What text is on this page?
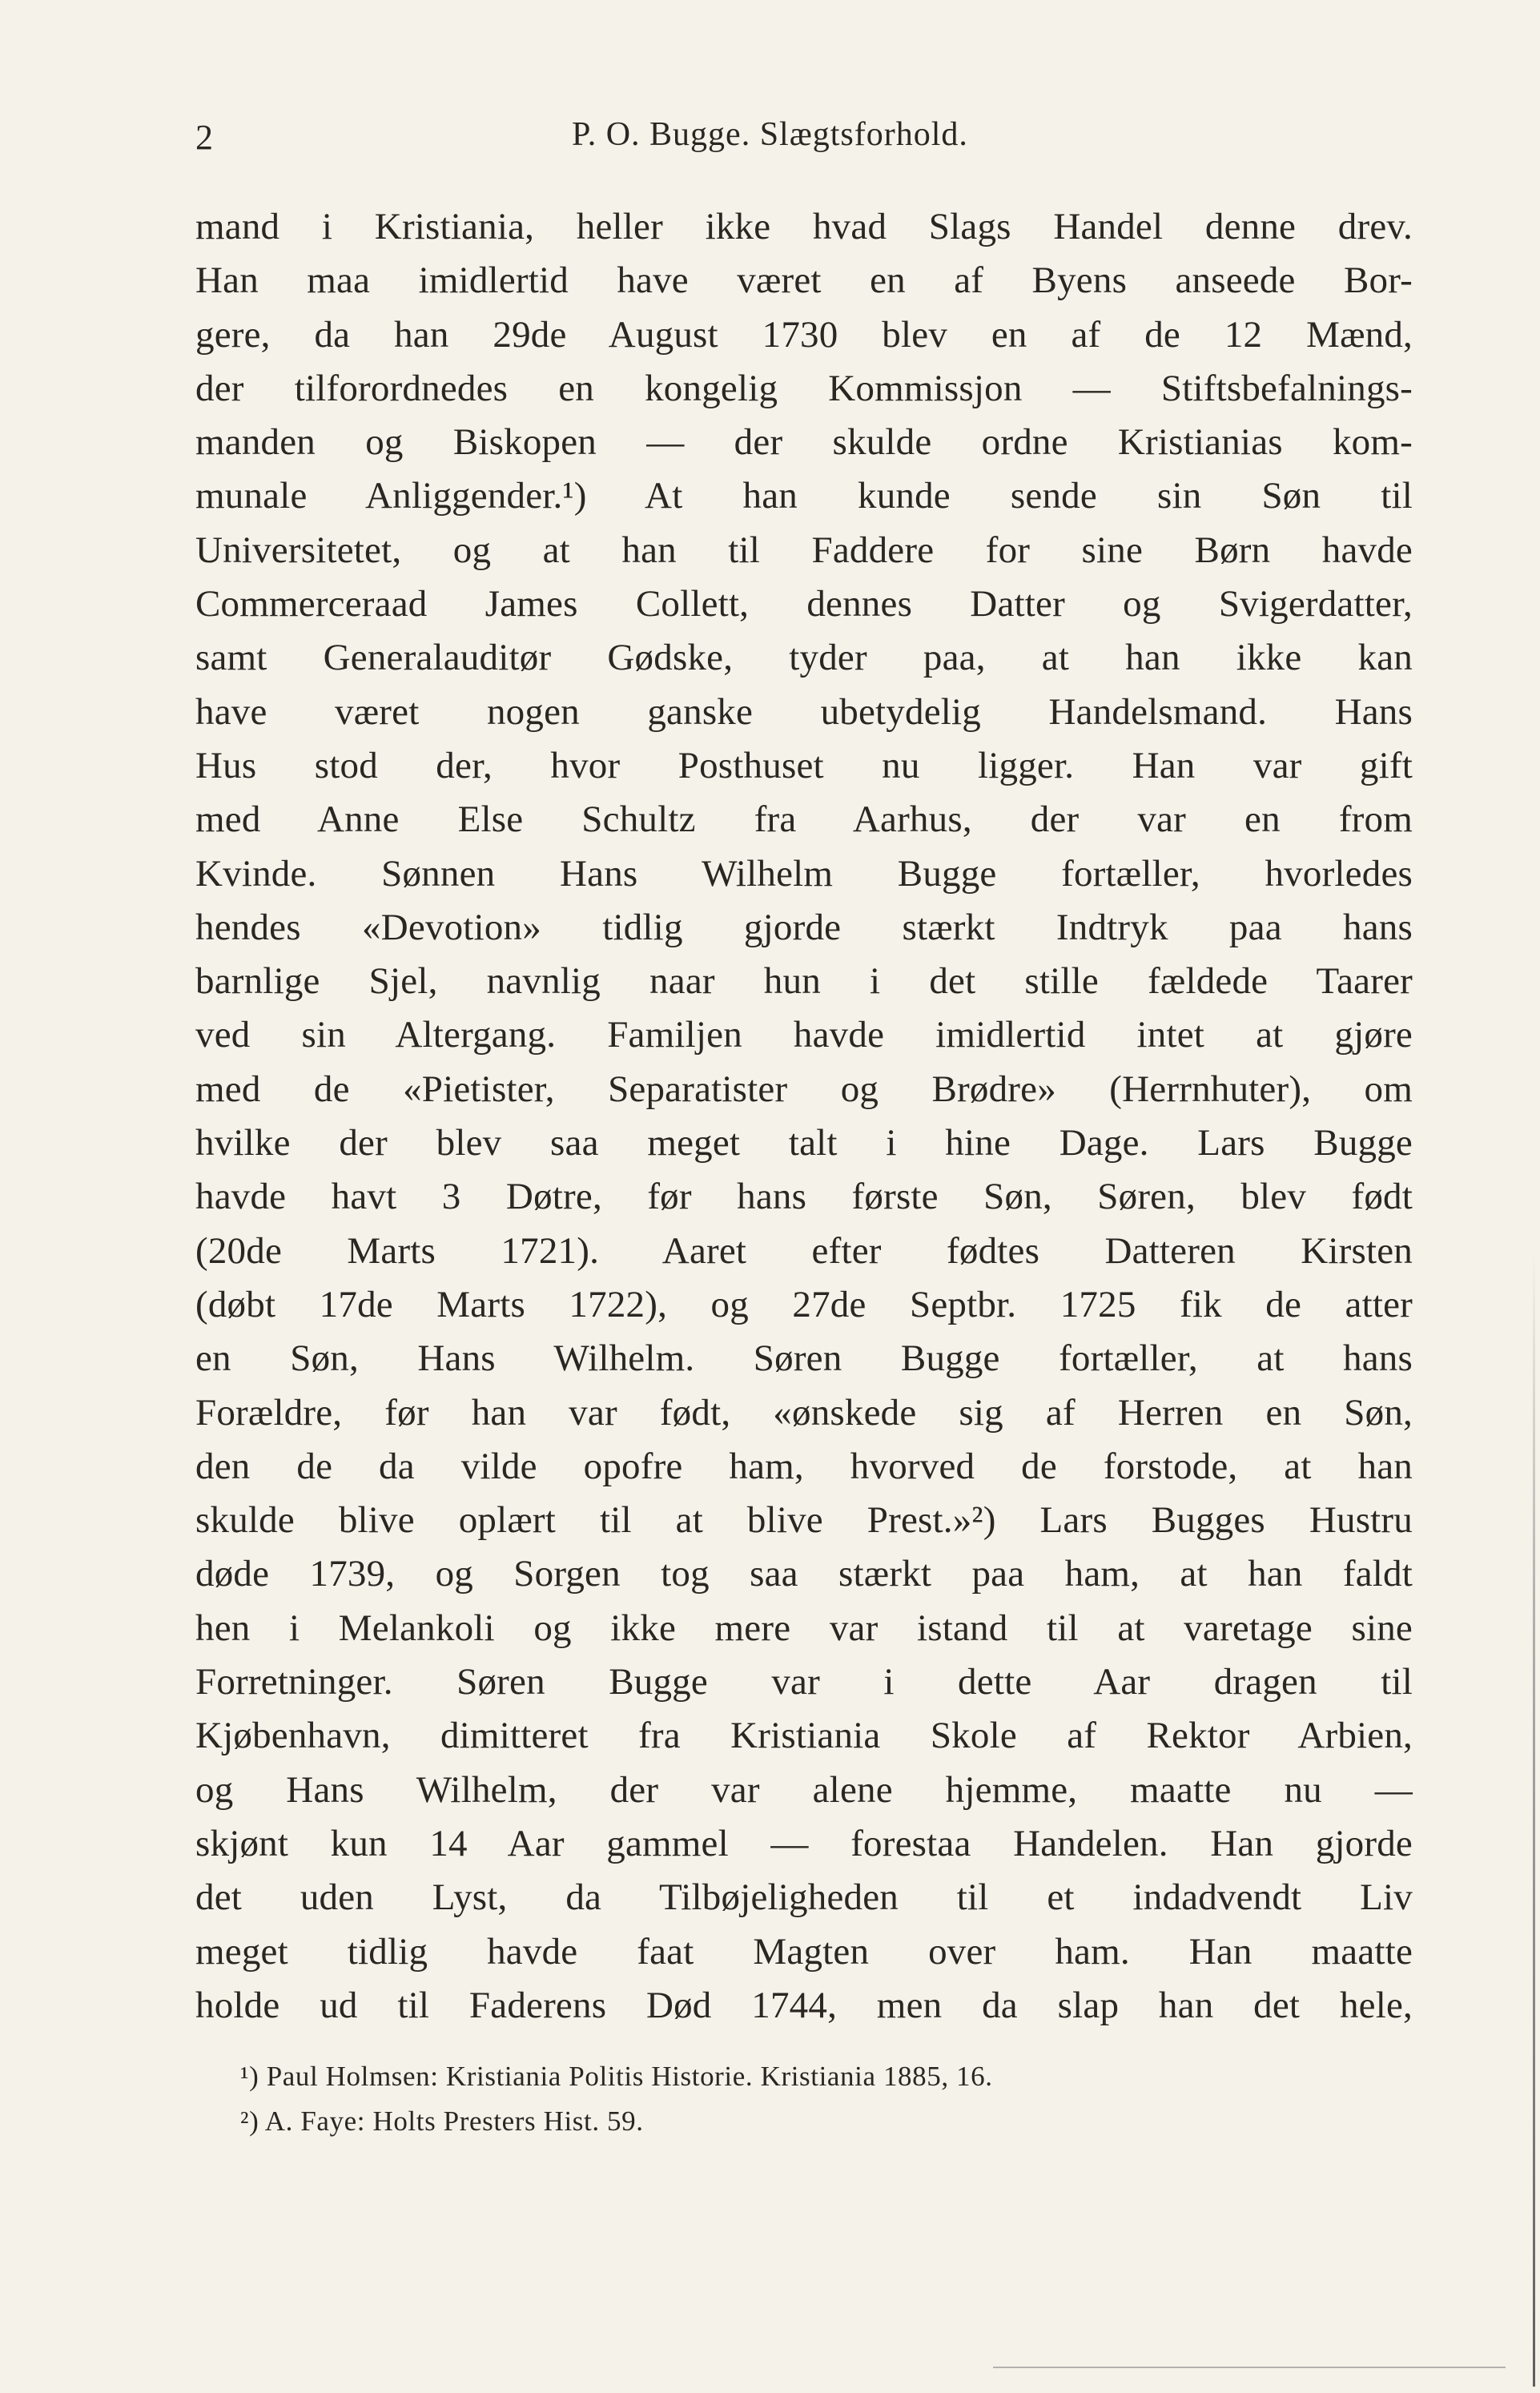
2	P. O. Bugge. Slægtsforhold.
mand i Kristiania, heller ikke hvad Slags Handel denne drev.
Han maa imidlertid have været en af Byens anseede Bor-
gere, da han 29de August 1730 blev en af de 12 Mænd,
der tilforordnedes en kongelig Kommissjon — Stiftsbefalnings-
manden og Biskopen — der skulde ordne Kristianias kom-
munale Anliggender.¹) At han kunde sende sin Søn til
Universitetet, og at han til Faddere for sine Børn havde
Commerceraad James Collett, dennes Datter og Svigerdatter,
samt Generalauditør Gødske, tyder paa, at han ikke kan
have været nogen ganske ubetydelig Handelsmand. Hans
Hus stod der, hvor Posthuset nu ligger. Han var gift
med Anne Else Schultz fra Aarhus, der var en from
Kvinde. Sønnen Hans Wilhelm Bugge fortæller, hvorledes
hendes «Devotion» tidlig gjorde stærkt Indtryk paa hans
barnlige Sjel, navnlig naar hun i det stille fældede Taarer
ved sin Altergang. Familjen havde imidlertid intet at gjøre
med de «Pietister, Separatister og Brødre» (Herrnhuter), om
hvilke der blev saa meget talt i hine Dage. Lars Bugge
havde havt 3 Døtre, før hans første Søn, Søren, blev født
(20de Marts 1721). Aaret efter fødtes Datteren Kirsten
(døbt 17de Marts 1722), og 27de Septbr. 1725 fik de atter
en Søn, Hans Wilhelm. Søren Bugge fortæller, at hans
Forældre, før han var født, «ønskede sig af Herren en Søn,
den de da vilde opofre ham, hvorved de forstode, at han
skulde blive oplært til at blive Prest.»²) Lars Bugges Hustru
døde 1739, og Sorgen tog saa stærkt paa ham, at han faldt
hen i Melankoli og ikke mere var istand til at varetage sine
Forretninger. Søren Bugge var i dette Aar dragen til
Kjøbenhavn, dimitteret fra Kristiania Skole af Rektor Arbien,
og Hans Wilhelm, der var alene hjemme, maatte nu —
skjønt kun 14 Aar gammel — forestaa Handelen. Han gjorde
det uden Lyst, da Tilbøjeligheden til et indadvendt Liv
meget tidlig havde faat Magten over ham. Han maatte
holde ud til Faderens Død 1744, men da slap han det hele,
¹) Paul Holmsen: Kristiania Politis Historie. Kristiania 1885, 16.
²) A. Faye: Holts Presters Hist. 59.
